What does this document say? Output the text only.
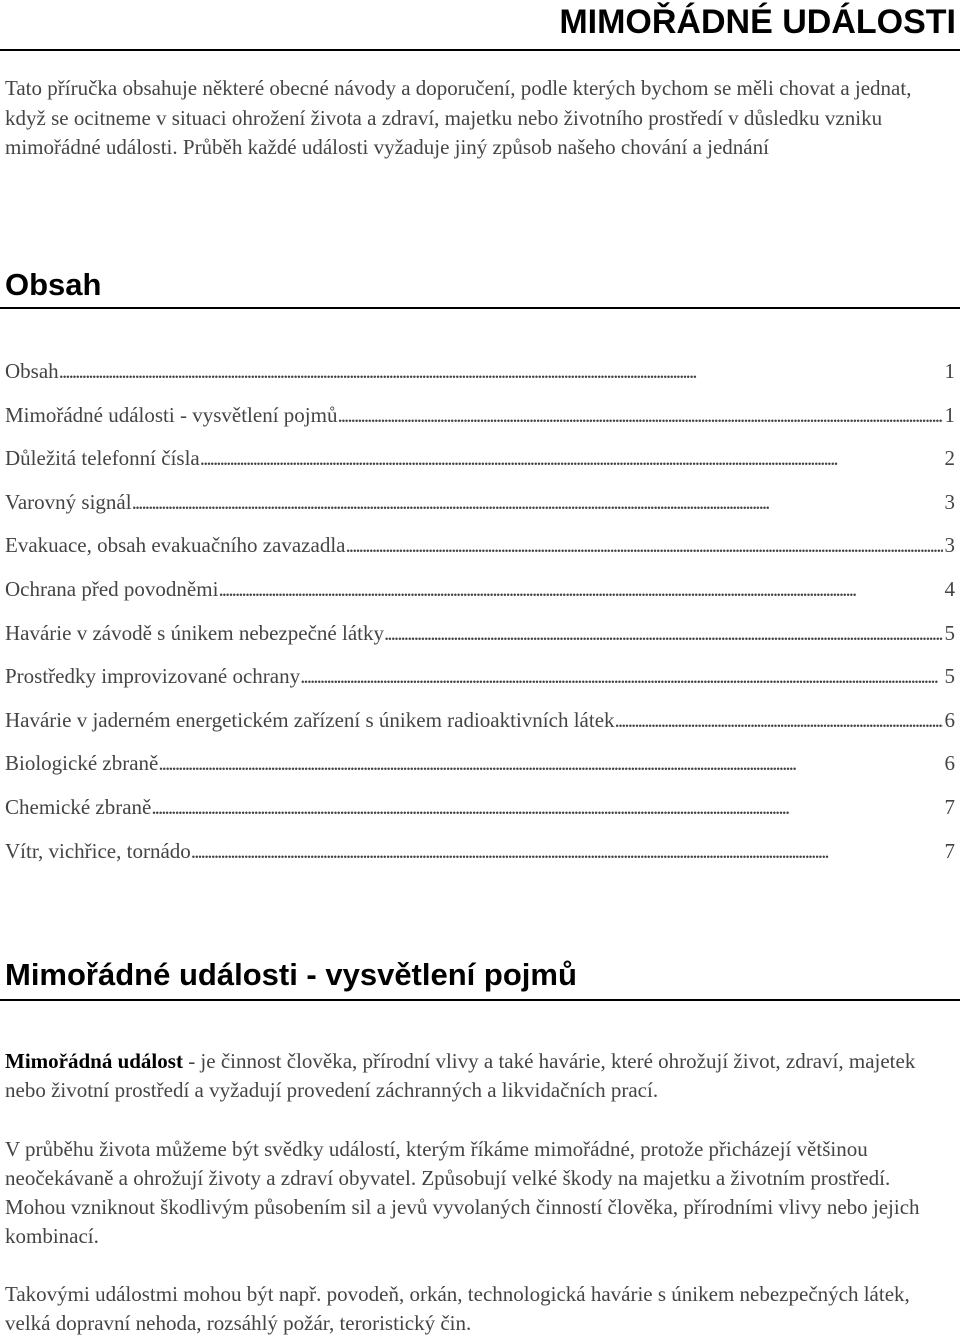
MIMOŘÁDNÉ UDÁLOSTI

Tato příručka obsahuje některé obecné návody a doporučení, podle kterých bychom se měli chovat a jednat, když se ocitneme v situaci ohrožení života a zdraví, majetku nebo životního prostředí v důsledku vzniku mimořádné události. Průběh každé události vyžaduje jiný způsob našeho chování a jednání

Obsah
Obsah . . .	1
Mimořádné události - vysvětlení pojmů . . .	1
Důležitá telefonní čísla . . .	2
Varovný signál . . .	3
Evakuace, obsah evakuačního zavazadla . . .	3
Ochrana před povodněmi . . .	4
Havárie v závodě s únikem nebezpečné látky . . .	5
Prostředky improvizované ochrany . . .	5
Havárie v jaderném energetickém zařízení s únikem radioaktivních látek . . .	6
Biologické zbraně . . .	6
Chemické zbraně . . .	7
Vítr, vichřice, tornádo . . .	7
Mimořádné události - vysvětlení pojmů

Mimořádná událost - je činnost člověka, přírodní vlivy a také havárie, které ohrožují život, zdraví, majetek nebo životní prostředí a vyžadují provedení záchranných a likvidačních prací.

V průběhu života můžeme být svědky událostí, kterým říkáme mimořádné, protože přicházejí většinou neočekávaně a ohrožují životy a zdraví obyvatel. Způsobují velké škody na majetku a životním prostředí. Mohou vzniknout škodlivým působením sil a jevů vyvolaných činností člověka, přírodními vlivy nebo jejich kombinací.

Takovými událostmi mohou být např. povodeň, orkán, technologická havárie s únikem nebezpečných látek, velká dopravní nehoda, rozsáhlý požár, teroristický čin.
